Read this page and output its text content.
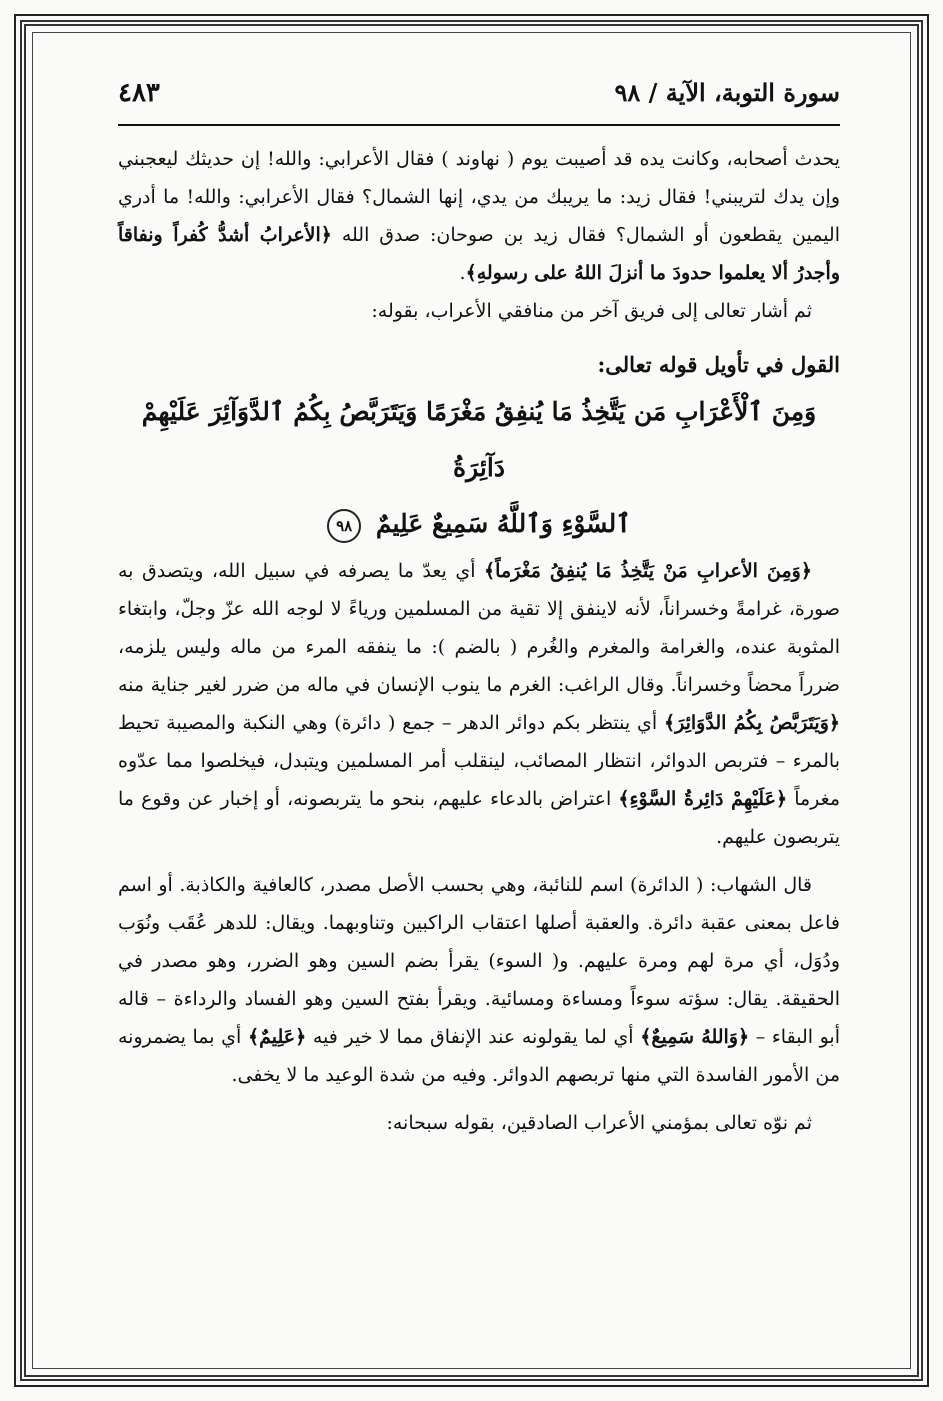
سورة التوبة، الآية / ٩٨
٤٨٣

يحدث أصحابه، وكانت يده قد أصيبت يوم ( نهاوند ) فقال الأعرابي: والله! إن حديثك ليعجبني وإن يدك لتريبني! فقال زيد: ما يريبك من يدي، إنها الشمال؟ فقال الأعرابي: والله! ما أدري اليمين يقطعون أو الشمال؟ فقال زيد بن صوحان: صدق الله ﴿الأعرابُ أشدُّ كُفراً ونفاقاً وأجدرُ ألا يعلموا حدودَ ما أنزلَ اللهُ على رسولهِ﴾.

ثم أشار تعالى إلى فريق آخر من منافقي الأعراب، بقوله:

القول في تأويل قوله تعالى:

وَمِنَ ٱلْأَعْرَابِ مَن يَتَّخِذُ مَا يُنفِقُ مَغْرَمًا وَيَتَرَبَّصُ بِكُمُ ٱلدَّوَآئِرَ عَلَيْهِمْ دَآئِرَةُ

ٱلسَّوْءِ وَٱللَّهُ سَمِيعٌ عَلِيمٌ ٩٨

﴿وَمِنَ الأعرابِ مَنْ يَتَّخِذُ مَا يُنفِقُ مَغْرَماً﴾ أي يعدّ ما يصرفه في سبيل الله، ويتصدق به صورة، غرامةً وخسراناً، لأنه لاينفق إلا تقية من المسلمين ورياءً لا لوجه الله عزّ وجلّ، وابتغاء المثوبة عنده، والغرامة والمغرم والغُرم ( بالضم ): ما ينفقه المرء من ماله وليس يلزمه، ضرراً محضاً وخسراناً. وقال الراغب: الغرم ما ينوب الإنسان في ماله من ضرر لغير جناية منه ﴿وَيَتَرَبَّصُ بِكُمُ الدَّوَائِرَ﴾ أي ينتظر بكم دوائر الدهر – جمع ( دائرة) وهي النكبة والمصيبة تحيط بالمرء – فتربص الدوائر، انتظار المصائب، لينقلب أمر المسلمين ويتبدل، فيخلصوا مما عدّوه مغرماً ﴿عَلَيْهِمْ دَائِرةُ السَّوْءِ﴾ اعتراض بالدعاء عليهم، بنحو ما يتربصونه، أو إخبار عن وقوع ما يتربصون عليهم.

قال الشهاب: ( الدائرة) اسم للنائبة، وهي بحسب الأصل مصدر، كالعافية والكاذبة. أو اسم فاعل بمعنى عقبة دائرة. والعقبة أصلها اعتقاب الراكبين وتناوبهما. ويقال: للدهر عُقَب ونُوَب ودُوَل، أي مرة لهم ومرة عليهم. و( السوء) يقرأ بضم السين وهو الضرر، وهو مصدر في الحقيقة. يقال: سؤته سوءاً ومساءة ومسائية. ويقرأ بفتح السين وهو الفساد والرداءة – قاله أبو البقاء – ﴿وَاللهُ سَمِيعٌ﴾ أي لما يقولونه عند الإنفاق مما لا خير فيه ﴿عَلِيمٌ﴾ أي بما يضمرونه من الأمور الفاسدة التي منها تربصهم الدوائر. وفيه من شدة الوعيد ما لا يخفى.

ثم نوّه تعالى بمؤمني الأعراب الصادقين، بقوله سبحانه:
